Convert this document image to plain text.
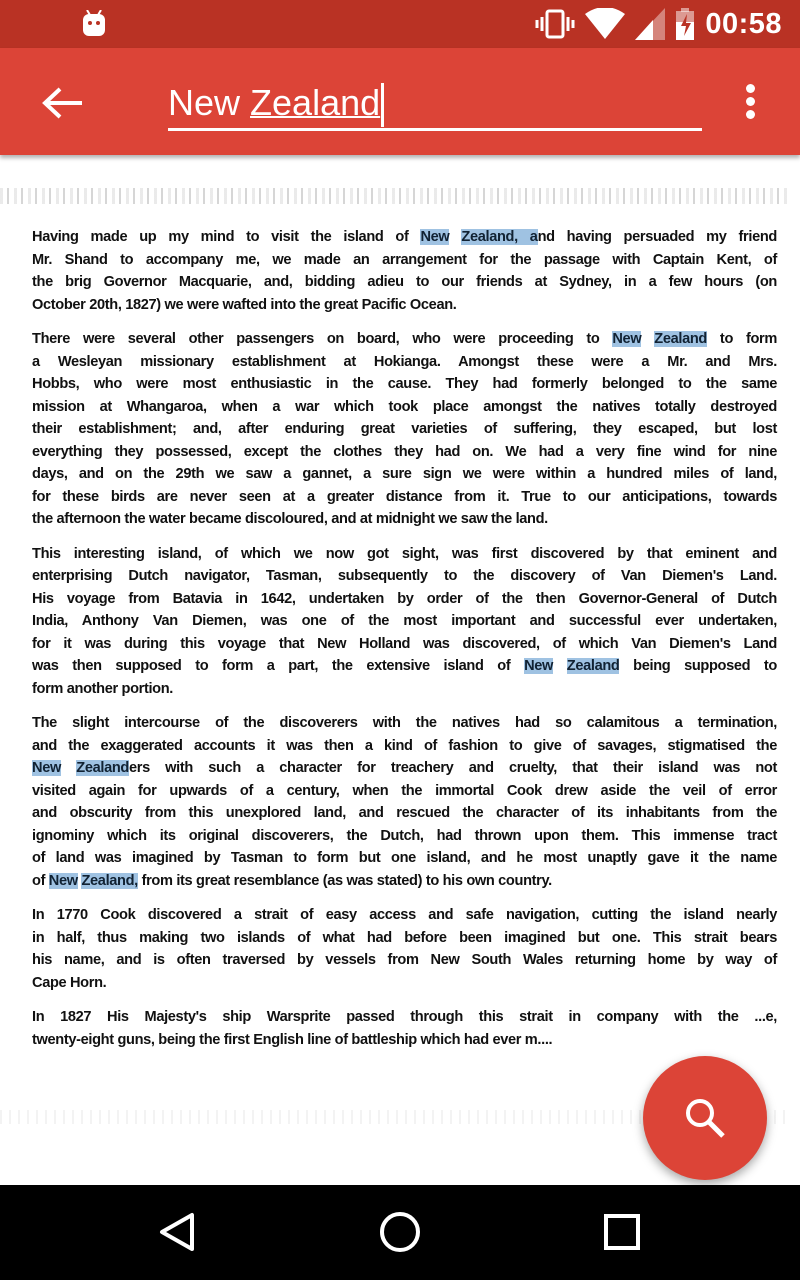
00:58
New Zealand
Having made up my mind to visit the island of New Zealand, and having persuaded my friend
Mr. Shand to accompany me, we made an arrangement for the passage with Captain Kent, of
the brig Governor Macquarie, and, bidding adieu to our friends at Sydney, in a few hours (on
October 20th, 1827) we were wafted into the great Pacific Ocean.
There were several other passengers on board, who were proceeding to New Zealand to form
a Wesleyan missionary establishment at Hokianga. Amongst these were a Mr. and Mrs.
Hobbs, who were most enthusiastic in the cause. They had formerly belonged to the same
mission at Whangaroa, when a war which took place amongst the natives totally destroyed
their establishment; and, after enduring great varieties of suffering, they escaped, but lost
everything they possessed, except the clothes they had on. We had a very fine wind for nine
days, and on the 29th we saw a gannet, a sure sign we were within a hundred miles of land,
for these birds are never seen at a greater distance from it. True to our anticipations, towards
the afternoon the water became discoloured, and at midnight we saw the land.
This interesting island, of which we now got sight, was first discovered by that eminent and
enterprising Dutch navigator, Tasman, subsequently to the discovery of Van Diemen's Land.
His voyage from Batavia in 1642, undertaken by order of the then Governor-General of Dutch
India, Anthony Van Diemen, was one of the most important and successful ever undertaken,
for it was during this voyage that New Holland was discovered, of which Van Diemen's Land
was then supposed to form a part, the extensive island of New Zealand being supposed to
form another portion.
The slight intercourse of the discoverers with the natives had so calamitous a termination,
and the exaggerated accounts it was then a kind of fashion to give of savages, stigmatised the
New Zealanders with such a character for treachery and cruelty, that their island was not
visited again for upwards of a century, when the immortal Cook drew aside the veil of error
and obscurity from this unexplored land, and rescued the character of its inhabitants from the
ignominy which its original discoverers, the Dutch, had thrown upon them. This immense tract
of land was imagined by Tasman to form but one island, and he most unaptly gave it the name
of New Zealand, from its great resemblance (as was stated) to his own country.
In 1770 Cook discovered a strait of easy access and safe navigation, cutting the island nearly
in half, thus making two islands of what had before been imagined but one. This strait bears
his name, and is often traversed by vessels from New South Wales returning home by way of
Cape Horn.
In 1827 His Majesty's ship Warsprite passed through this strait in company with the ...e,
twenty-eight guns, being the first English line of battleship which had ever m....
